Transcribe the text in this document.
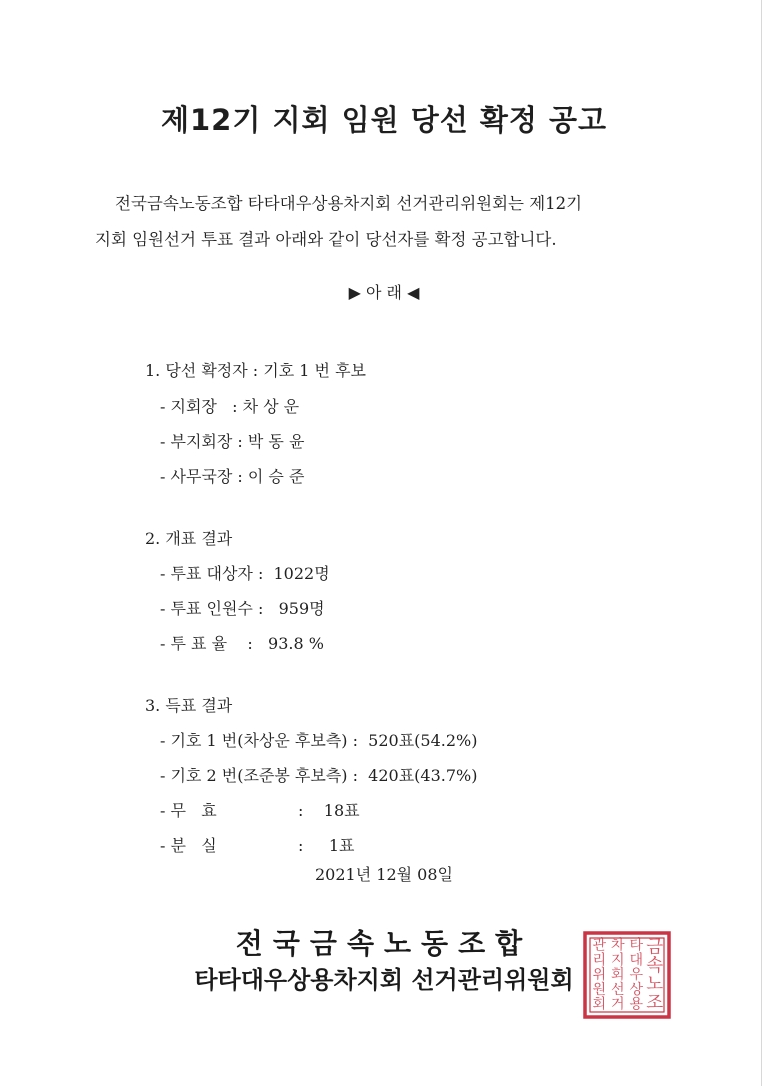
제12기 지회 임원 당선 확정 공고
전국금속노동조합 타타대우상용차지회 선거관리위원회는 제12기
지회 임원선거 투표 결과 아래와 같이 당선자를 확정 공고합니다.
▶ 아 래 ◀
1. 당선 확정자 : 기호 1 번 후보
- 지회장   : 차 상 운
- 부지회장 : 박 동 윤
- 사무국장 : 이 승 준
2. 개표 결과
- 투표 대상자 :  1022명
- 투표 인원수 :   959명
- 투 표 율    :   93.8 %
3. 득표 결과
- 기호 1 번(차상운 후보측) :  520표(54.2%)
- 기호 2 번(조준봉 후보측) :  420표(43.7%)
- 무   효                :    18표
- 분   실                :     1표
2021년 12월 08일
전국금속노동조합
타타대우상용차지회 선거관리위원회
금
속
노
조
타
대
우
상
용
차
지
회
선
거
관
리
위
원
회
